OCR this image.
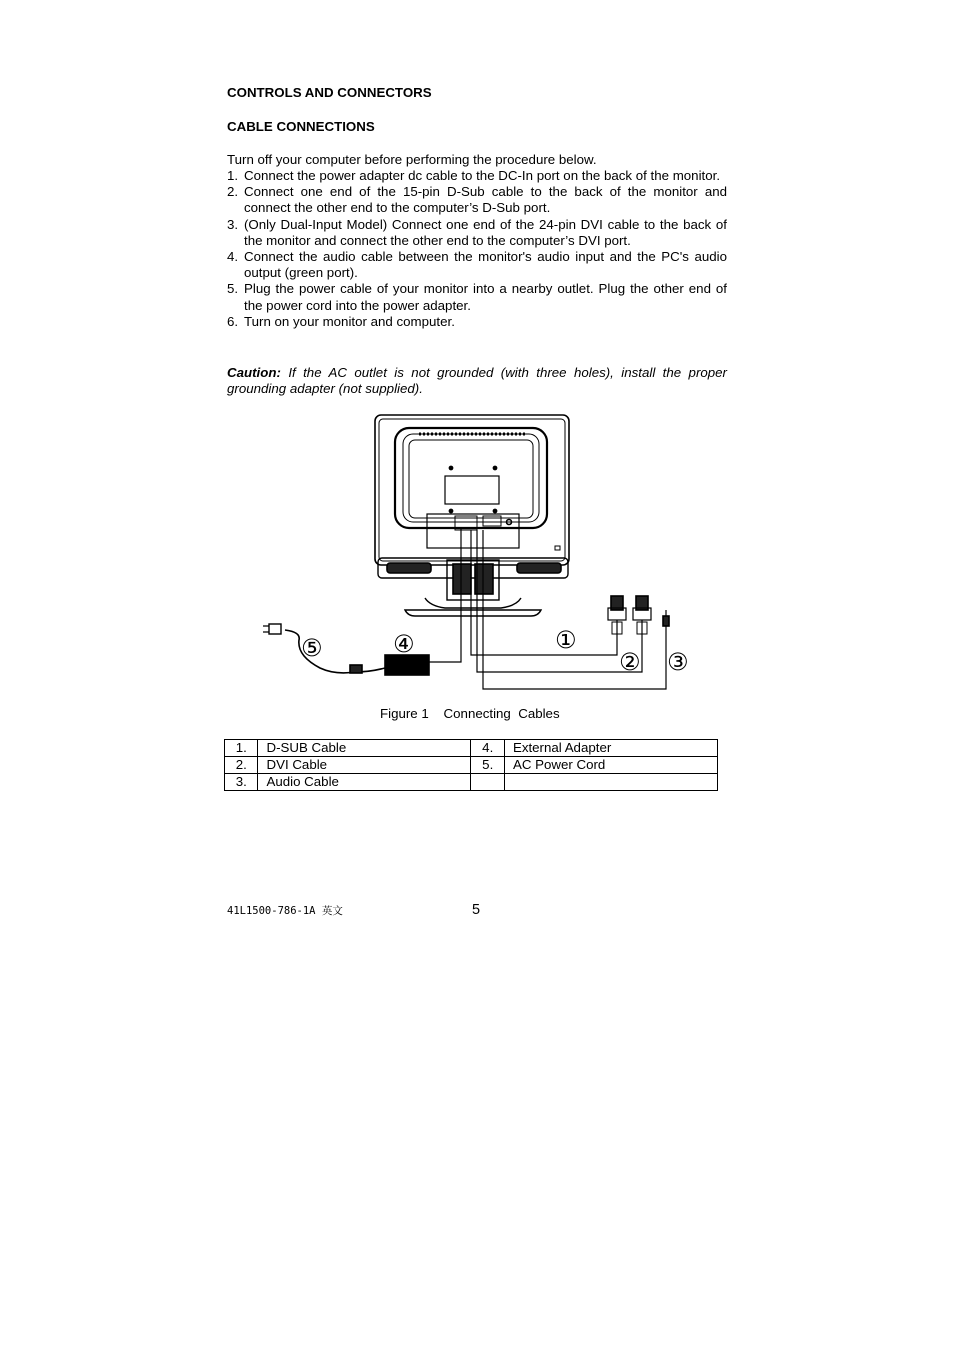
CONTROLS AND CONNECTORS
CABLE CONNECTIONS
Turn off your computer before performing the procedure below.
1. Connect the power adapter dc cable to the DC-In port on the back of the monitor.
2. Connect one end of the 15-pin D-Sub cable to the back of the monitor and connect the other end to the computer’s D-Sub port.
3. (Only Dual-Input Model) Connect one end of the 24-pin DVI cable to the back of the monitor and connect the other end to the computer’s DVI port.
4. Connect the audio cable between the monitor's audio input and the PC's audio output (green port).
5. Plug the power cable of your monitor into a nearby outlet. Plug the other end of the power cord into the power adapter.
6. Turn on your monitor and computer.
Caution: If the AC outlet is not grounded (with three holes), install the proper grounding adapter (not supplied).
①
② ③
④
⑤
Figure 1    Connecting  Cables
1.	D-SUB Cable	4.	External Adapter
2.	DVI Cable	5.	AC Power Cord
3.	Audio Cable		
41L1500-786-1A 英文	5
